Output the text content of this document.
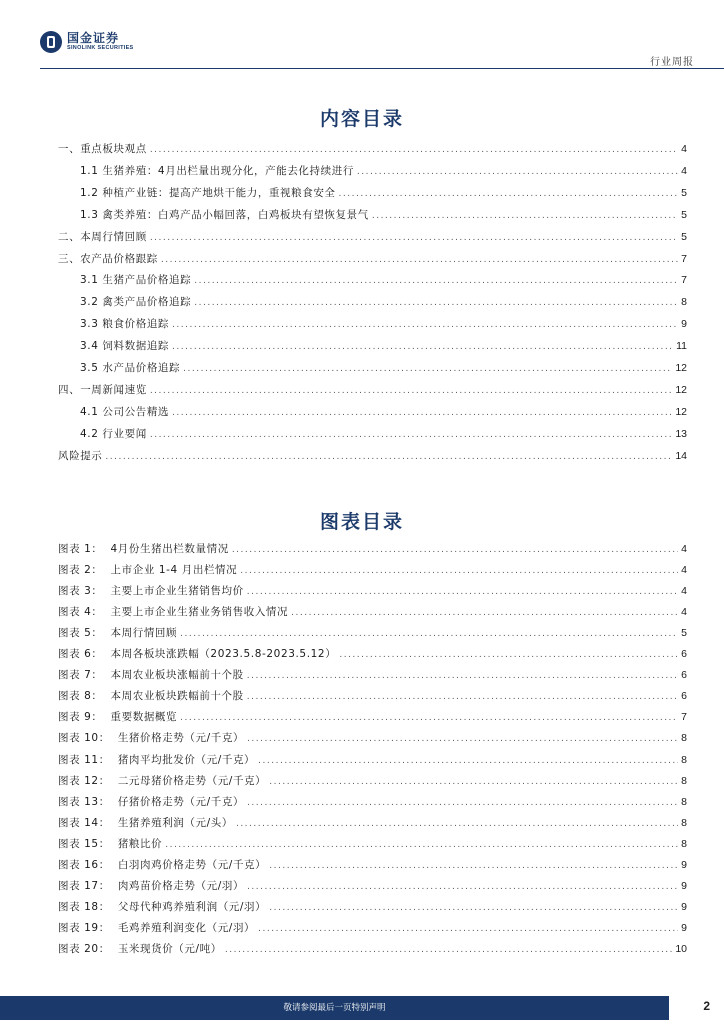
国金证券
SINOLINK SECURITIES
行业周报
内容目录
一、重点板块观点 .....	4
1.1 生猪养殖：4月出栏量出现分化，产能去化持续进行 .....	4
1.2 种植产业链：提高产地烘干能力，重视粮食安全 .....	5
1.3 禽类养殖：白鸡产品小幅回落，白鸡板块有望恢复景气 .....	5
二、本周行情回顾 .....	5
三、农产品价格跟踪 .....	7
3.1 生猪产品价格追踪 .....	7
3.2 禽类产品价格追踪 .....	8
3.3 粮食价格追踪 .....	9
3.4 饲料数据追踪 .....	11
3.5 水产品价格追踪 .....	12
四、一周新闻速览 .....	12
4.1 公司公告精选 .....	12
4.2 行业要闻 .....	13
风险提示 .....	14
图表目录
图表 1： 4月份生猪出栏数量情况 .....	4
图表 2： 上市企业 1-4 月出栏情况 .....	4
图表 3： 主要上市企业生猪销售均价 .....	4
图表 4： 主要上市企业生猪业务销售收入情况 .....	4
图表 5： 本周行情回顾 .....	5
图表 6： 本周各板块涨跌幅（2023.5.8-2023.5.12） .....	6
图表 7： 本周农业板块涨幅前十个股 .....	6
图表 8： 本周农业板块跌幅前十个股 .....	6
图表 9： 重要数据概览 .....	7
图表 10： 生猪价格走势（元/千克） .....	8
图表 11： 猪肉平均批发价（元/千克） .....	8
图表 12： 二元母猪价格走势（元/千克） .....	8
图表 13： 仔猪价格走势（元/千克） .....	8
图表 14： 生猪养殖利润（元/头） .....	8
图表 15： 猪粮比价 .....	8
图表 16： 白羽肉鸡价格走势（元/千克） .....	9
图表 17： 肉鸡苗价格走势（元/羽） .....	9
图表 18： 父母代种鸡养殖利润（元/羽） .....	9
图表 19： 毛鸡养殖利润变化（元/羽） .....	9
图表 20： 玉米现货价（元/吨） .....	10
敬请参阅最后一页特别声明	2
